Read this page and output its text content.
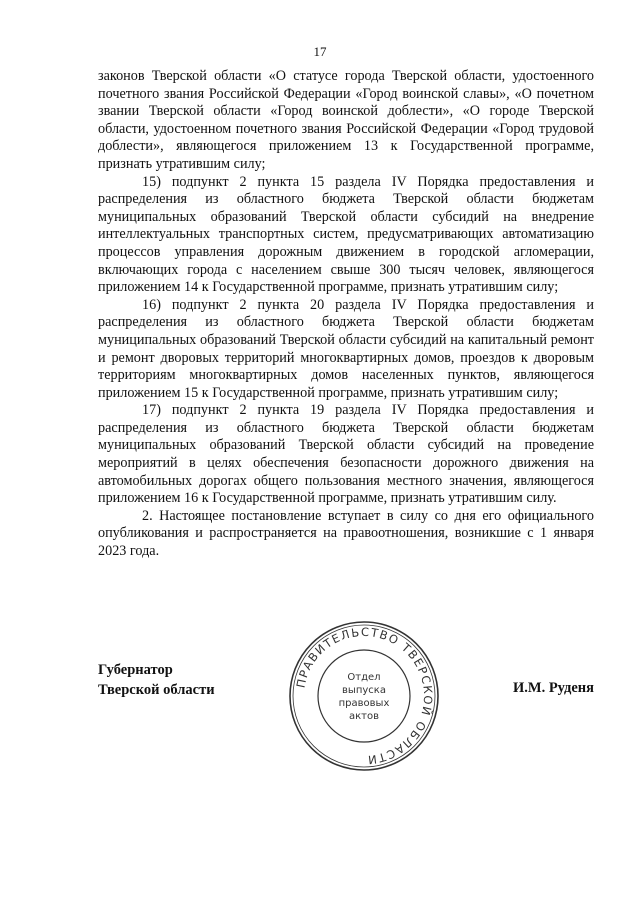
17

законов Тверской области «О статусе города Тверской области, удостоенного почетного звания Российской Федерации «Город воинской славы», «О почетном звании Тверской области «Город воинской доблести», «О городе Тверской области, удостоенном почетного звания Российской Федерации «Город трудовой доблести», являющегося приложением 13 к Государственной программе, признать утратившим силу;

15) подпункт 2 пункта 15 раздела IV Порядка предоставления и распределения из областного бюджета Тверской области бюджетам муниципальных образований Тверской области субсидий на внедрение интеллектуальных транспортных систем, предусматривающих автоматизацию процессов управления дорожным движением в городской агломерации, включающих города с населением свыше 300 тысяч человек, являющегося приложением 14 к Государственной программе, признать утратившим силу;

16) подпункт 2 пункта 20 раздела IV Порядка предоставления и распределения из областного бюджета Тверской области бюджетам муниципальных образований Тверской области субсидий на капитальный ремонт и ремонт дворовых территорий многоквартирных домов, проездов к дворовым территориям многоквартирных домов населенных пунктов, являющегося приложением 15 к Государственной программе, признать утратившим силу;

17) подпункт 2 пункта 19 раздела IV Порядка предоставления и распределения из областного бюджета Тверской области бюджетам муниципальных образований Тверской области субсидий на проведение мероприятий в целях обеспечения безопасности дорожного движения на автомобильных дорогах общего пользования местного значения, являющегося приложением 16 к Государственной программе, признать утратившим силу.

2. Настоящее постановление вступает в силу со дня его официального опубликования и распространяется на правоотношения, возникшие с 1 января 2023 года.

Губернатор
Тверской области	И.М. Руденя
ПРАВИТЕЛЬСТВО ТВЕРСКОЙ ОБЛАСТИ
Отдел
выпуска
правовых
актов
